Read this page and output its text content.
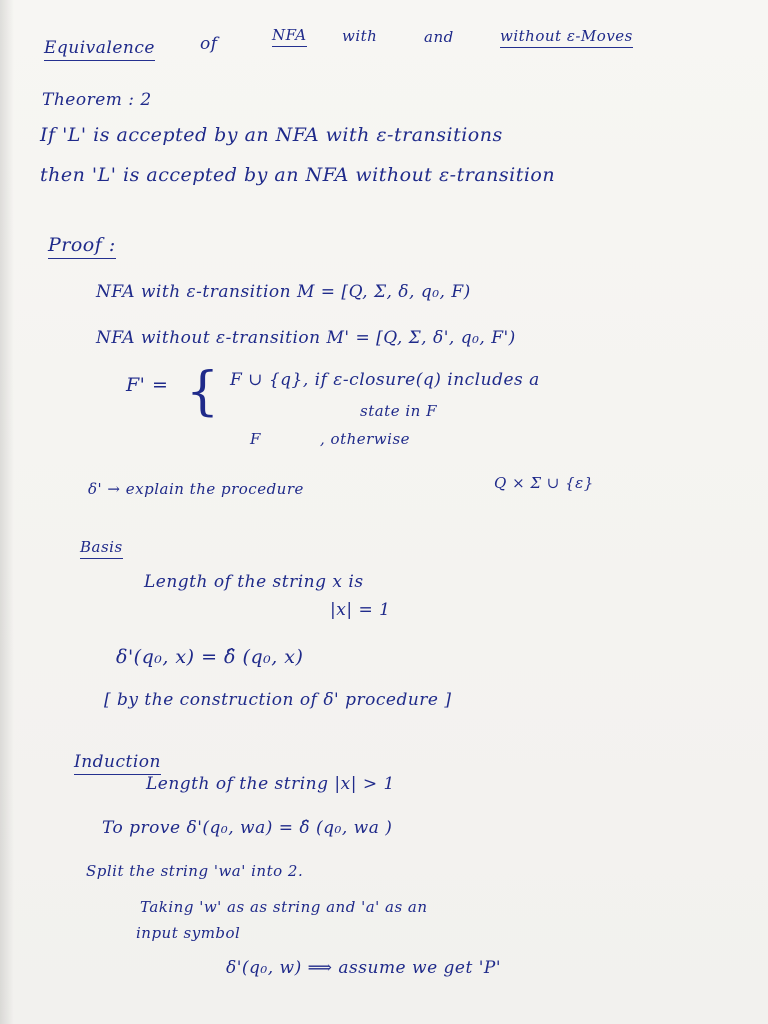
Equivalence	of	NFA with	and	without ε-Moves
Theorem : 2
If 'L' is accepted by an NFA with ε-transitions
then 'L' is accepted by an NFA without ε-transition
Proof :
NFA with ε-transition M = [Q, Σ, δ, q₀, F)
NFA without ε-transition M' = [Q, Σ, δ', q₀, F')
F' = { F ∪ {q}, if ε-closure(q) includes a
state in F
F	, otherwise
δ' → explain the procedure	Q × Σ ∪ {ε}
Basis
Length of the string x is
|x| = 1
δ'(q₀, x) = δ̂ (q₀, x)
[ by the construction of δ' procedure ]
Induction
Length of the string |x| > 1
To prove δ'(q₀, wa) = δ̂ (q₀, wa )
Split the string 'wa' into 2.
Taking 'w' as as string and 'a' as an
input symbol
δ'(q₀, w) ⟹ assume we get 'P'
